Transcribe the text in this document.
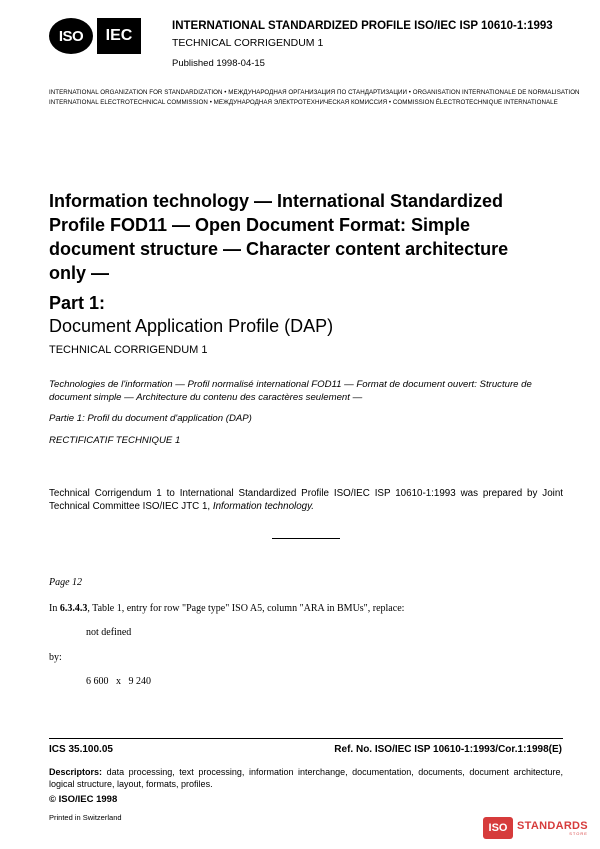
ISO	IEC
INTERNATIONAL STANDARDIZED PROFILE ISO/IEC ISP 10610-1:1993
TECHNICAL CORRIGENDUM 1
Published 1998-04-15
INTERNATIONAL ORGANIZATION FOR STANDARDIZATION • МЕЖДУНАРОДНАЯ ОРГАНИЗАЦИЯ ПО СТАНДАРТИЗАЦИИ • ORGANISATION INTERNATIONALE DE NORMALISATION
INTERNATIONAL ELECTROTECHNICAL COMMISSION • МЕЖДУНАРОДНАЯ ЭЛЕКТРОТЕХНИЧЕСКАЯ КОМИССИЯ • COMMISSION ÉLECTROTECHNIQUE INTERNATIONALE
Information technology — International Standardized Profile FOD11 — Open Document Format: Simple document structure — Character content architecture only —
Part 1:
Document Application Profile (DAP)
TECHNICAL CORRIGENDUM 1
Technologies de l'information — Profil normalisé international FOD11 — Format de document ouvert: Structure de document simple — Architecture du contenu des caractères seulement —
Partie 1: Profil du document d'application (DAP)
RECTIFICATIF TECHNIQUE 1
Technical Corrigendum 1 to International Standardized Profile ISO/IEC ISP 10610-1:1993 was prepared by Joint Technical Committee ISO/IEC JTC 1, Information technology.
Page 12
In 6.3.4.3, Table 1, entry for row "Page type" ISO A5, column "ARA in BMUs", replace:
not defined
by:
6 600   x   9 240
ICS 35.100.05	Ref. No. ISO/IEC ISP 10610-1:1993/Cor.1:1998(E)
Descriptors: data processing, text processing, information interchange, documentation, documents, document architecture, logical structure, layout, formats, profiles.
© ISO/IEC 1998
Printed in Switzerland
ISO STANDARDS
STORE
